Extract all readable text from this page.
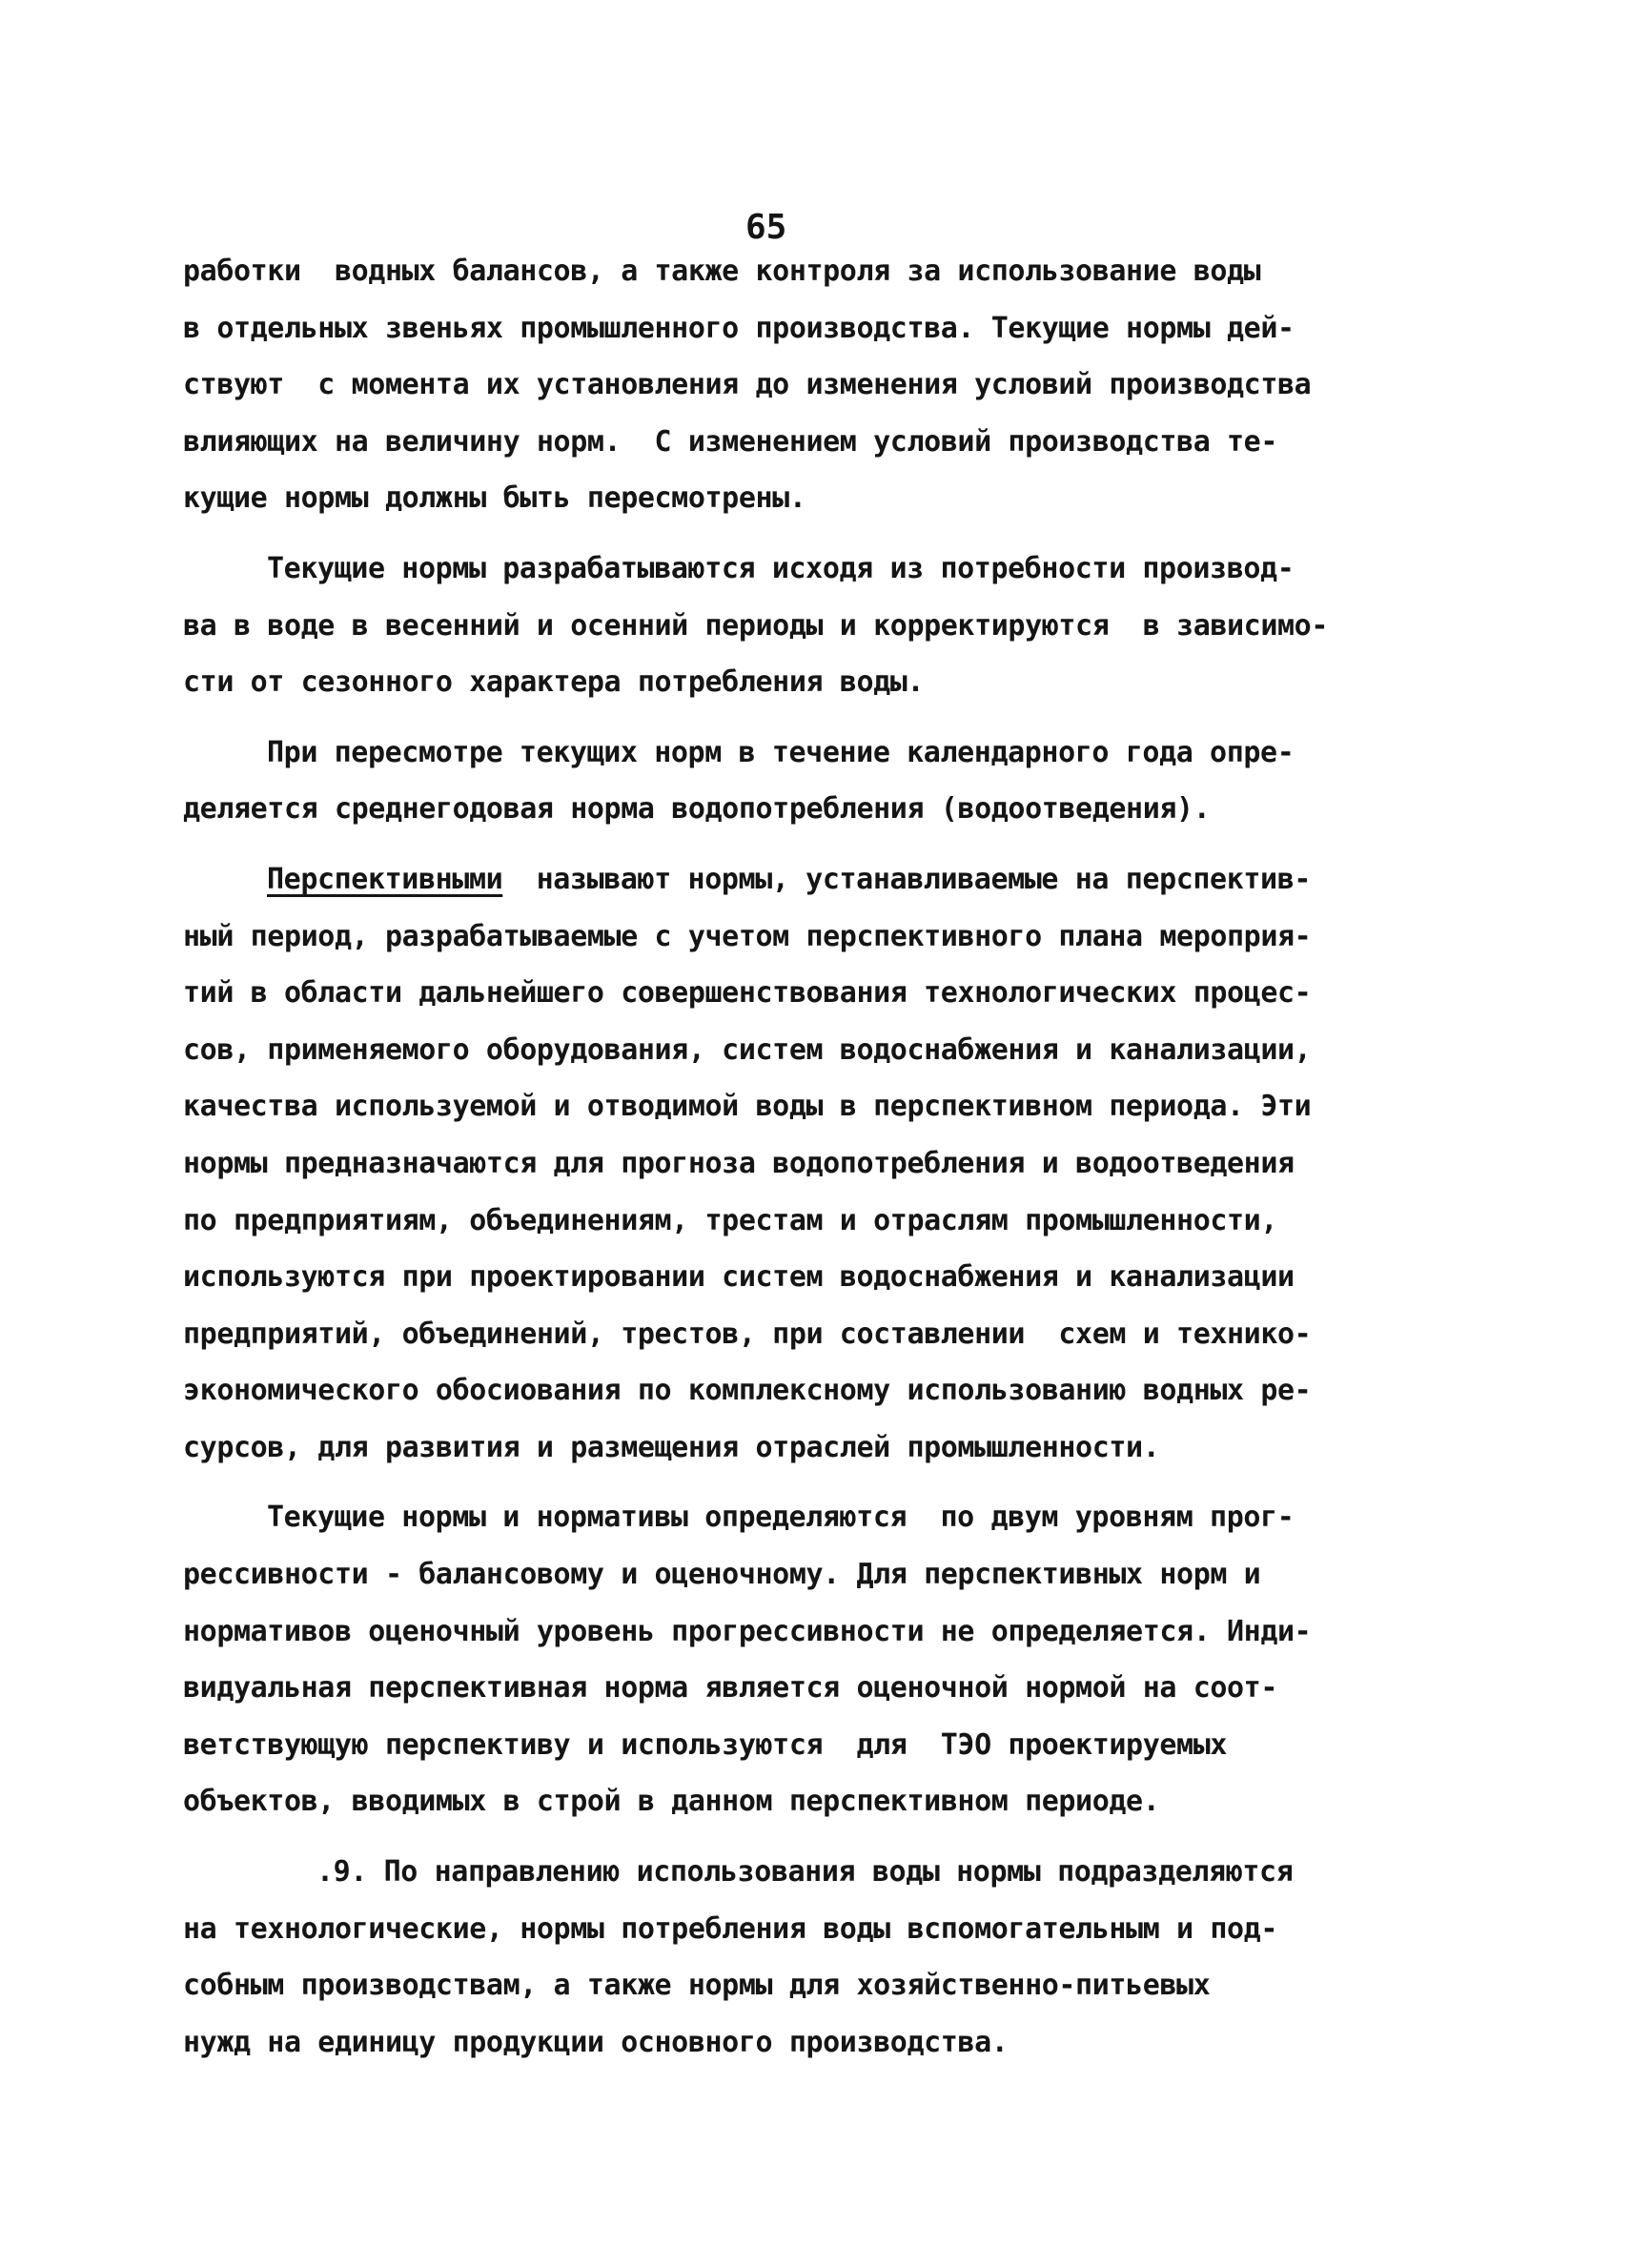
65
работки  водных балансов, а также контроля за использование воды
в отдельных звеньях промышленного производства. Текущие нормы дей-
ствуют  с момента их установления до изменения условий производства
влияющих на величину норм.  С изменением условий производства те-
кущие нормы должны быть пересмотрены.
Текущие нормы разрабатываются исходя из потребности производ-
ва в воде в весенний и осенний периоды и корректируются  в зависимо-
сти от сезонного характера потребления воды.
При пересмотре текущих норм в течение календарного года опре-
деляется среднегодовая норма водопотребления (водоотведения).
Перспективными  называют нормы, устанавливаемые на перспектив-
ный период, разрабатываемые с учетом перспективного плана мероприя-
тий в области дальнейшего совершенствования технологических процес-
сов, применяемого оборудования, систем водоснабжения и канализации,
качества используемой и отводимой воды в перспективном периода. Эти
нормы предназначаются для прогноза водопотребления и водоотведения
по предприятиям, объединениям, трестам и отраслям промышленности,
используются при проектировании систем водоснабжения и канализации
предприятий, объединений, трестов, при составлении  схем и технико-
экономического обосиования по комплексному использованию водных ре-
сурсов, для развития и размещения отраслей промышленности.
Текущие нормы и нормативы определяются  по двум уровням прог-
рессивности - балансовому и оценочному. Для перспективных норм и
нормативов оценочный уровень прогрессивности не определяется. Инди-
видуальная перспективная норма является оценочной нормой на соот-
ветствующую перспективу и используются  для  ТЭО проектируемых
объектов, вводимых в строй в данном перспективном периоде.
.9. По направлению использования воды нормы подразделяются
на технологические, нормы потребления воды вспомогательным и под-
собным производствам, а также нормы для хозяйственно-питьевых
нужд на единицу продукции основного производства.
